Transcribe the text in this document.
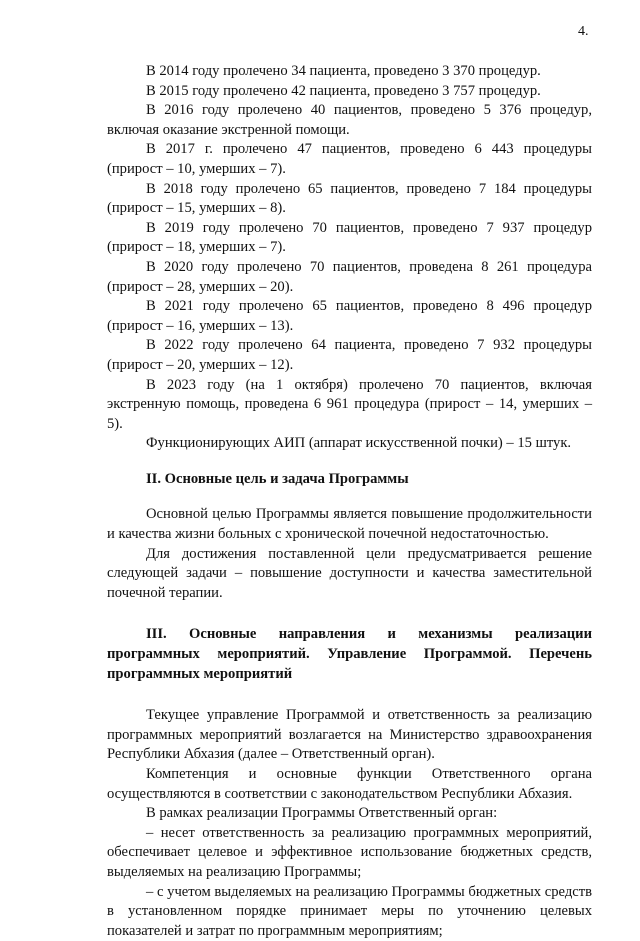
4.

В 2014 году пролечено 34 пациента, проведено 3 370 процедур.

В 2015 году пролечено 42 пациента, проведено 3 757 процедур.

В 2016 году пролечено 40 пациентов, проведено 5 376 процедур, включая оказание экстренной помощи.

В 2017 г. пролечено 47 пациентов, проведено 6 443 процедуры (прирост – 10, умерших – 7).

В 2018 году пролечено 65 пациентов, проведено 7 184 процедуры (прирост – 15, умерших – 8).

В 2019 году пролечено 70 пациентов, проведено 7 937 процедур (прирост – 18, умерших – 7).

В 2020 году пролечено 70 пациентов, проведена 8 261 процедура (прирост – 28, умерших – 20).

В 2021 году пролечено 65 пациентов, проведено 8 496 процедур (прирост – 16, умерших – 13).

В 2022 году пролечено 64 пациента, проведено 7 932 процедуры (прирост – 20, умерших – 12).

В 2023 году (на 1 октября) пролечено 70 пациентов, включая экстренную помощь, проведена 6 961 процедура (прирост – 14, умерших – 5).

Функционирующих АИП (аппарат искусственной почки) – 15 штук.

II. Основные цель и задача Программы

Основной целью Программы является повышение продолжительности и качества жизни больных с хронической почечной недостаточностью.

Для достижения поставленной цели предусматривается решение следующей задачи – повышение доступности и качества заместительной почечной терапии.

III. Основные направления и механизмы реализации программных мероприятий. Управление Программой. Перечень программных мероприятий

Текущее управление Программой и ответственность за реализацию программных мероприятий возлагается на Министерство здравоохранения Республики Абхазия (далее – Ответственный орган).

Компетенция и основные функции Ответственного органа осуществляются в соответствии с законодательством Республики Абхазия.

В рамках реализации Программы Ответственный орган:

– несет ответственность за реализацию программных мероприятий, обеспечивает целевое и эффективное использование бюджетных средств, выделяемых на реализацию Программы;

– с учетом выделяемых на реализацию Программы бюджетных средств в установленном порядке принимает меры по уточнению целевых показателей и затрат по программным мероприятиям;
